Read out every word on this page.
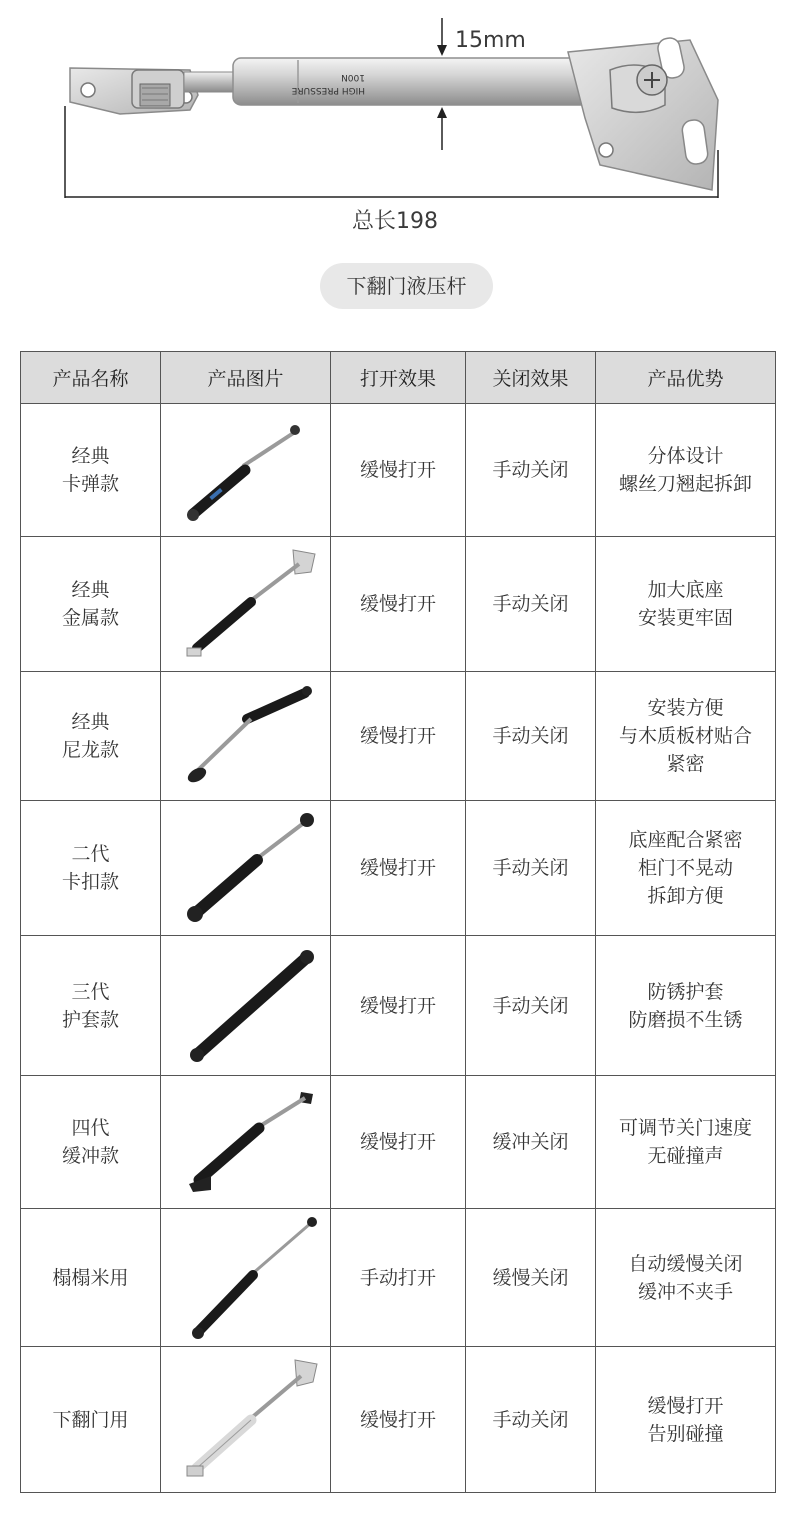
100N
HIGH PRESSURE
15mm
总长198
下翻门液压杆
产品名称	产品图片	打开效果	关闭效果	产品优势

经典
卡弹款		缓慢打开	手动关闭	分体设计
螺丝刀翘起拆卸

经典
金属款		缓慢打开	手动关闭	加大底座
安装更牢固

经典
尼龙款		缓慢打开	手动关闭	安装方便
与木质板材贴合
紧密

二代
卡扣款		缓慢打开	手动关闭	底座配合紧密
柜门不晃动
拆卸方便

三代
护套款		缓慢打开	手动关闭	防锈护套
防磨损不生锈

四代
缓冲款		缓慢打开	缓冲关闭	可调节关门速度
无碰撞声

榻榻米用		手动打开	缓慢关闭	自动缓慢关闭
缓冲不夹手

下翻门用		缓慢打开	手动关闭	缓慢打开
告别碰撞
